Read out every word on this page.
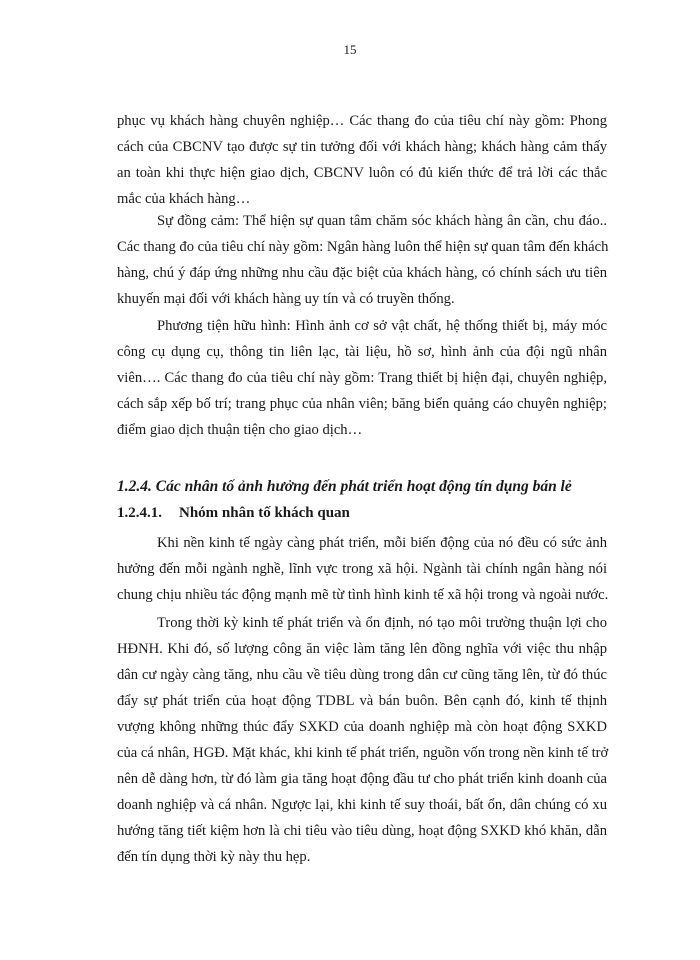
15
phục vụ khách hàng chuyên nghiệp… Các thang đo của tiêu chí này gồm: Phong
cách của CBCNV tạo được sự tin tưởng đối với khách hàng; khách hàng cảm thấy
an toàn khi thực hiện giao dịch, CBCNV luôn có đủ kiến thức để trả lời các thắc
mắc của khách hàng…
Sự đồng cảm: Thể hiện sự quan tâm chăm sóc khách hàng ân cần, chu đáo..
Các thang đo của tiêu chí này gồm: Ngân hàng luôn thể hiện sự quan tâm đến khách
hàng, chú ý đáp ứng những nhu cầu đặc biệt của khách hàng, có chính sách ưu tiên
khuyến mại đối với khách hàng uy tín và có truyền thống.
Phương tiện hữu hình: Hình ảnh cơ sở vật chất, hệ thống thiết bị, máy móc
công cụ dụng cụ, thông tin liên lạc, tài liệu, hồ sơ, hình ảnh của đội ngũ nhân
viên…. Các thang đo của tiêu chí này gồm: Trang thiết bị hiện đại, chuyên nghiệp,
cách sắp xếp bố trí; trang phục của nhân viên; băng biển quảng cáo chuyên nghiệp;
điểm giao dịch thuận tiện cho giao dịch…
1.2.4. Các nhân tố ảnh hưởng đến phát triển hoạt động tín dụng bán lẻ
1.2.4.1. Nhóm nhân tố khách quan
Khi nền kinh tế ngày càng phát triển, mỗi biến động của nó đều có sức ảnh
hưởng đến mỗi ngành nghề, lĩnh vực trong xã hội. Ngành tài chính ngân hàng nói
chung chịu nhiều tác động mạnh mẽ từ tình hình kinh tế xã hội trong và ngoài nước.
Trong thời kỳ kinh tế phát triển và ổn định, nó tạo môi trường thuận lợi cho
HĐNH. Khi đó, số lượng công ăn việc làm tăng lên đồng nghĩa với việc thu nhập
dân cư ngày càng tăng, nhu cầu về tiêu dùng trong dân cư cũng tăng lên, từ đó thúc
đẩy sự phát triển của hoạt động TDBL và bán buôn. Bên cạnh đó, kinh tế thịnh
vượng không những thúc đẩy SXKD của doanh nghiệp mà còn hoạt động SXKD
của cá nhân, HGĐ. Mặt khác, khi kinh tế phát triển, nguồn vốn trong nền kinh tế trở
nên dễ dàng hơn, từ đó làm gia tăng hoạt động đầu tư cho phát triển kinh doanh của
doanh nghiệp và cá nhân. Ngược lại, khi kinh tế suy thoái, bất ổn, dân chúng có xu
hướng tăng tiết kiệm hơn là chi tiêu vào tiêu dùng, hoạt động SXKD khó khăn, dẫn
đến tín dụng thời kỳ này thu hẹp.
